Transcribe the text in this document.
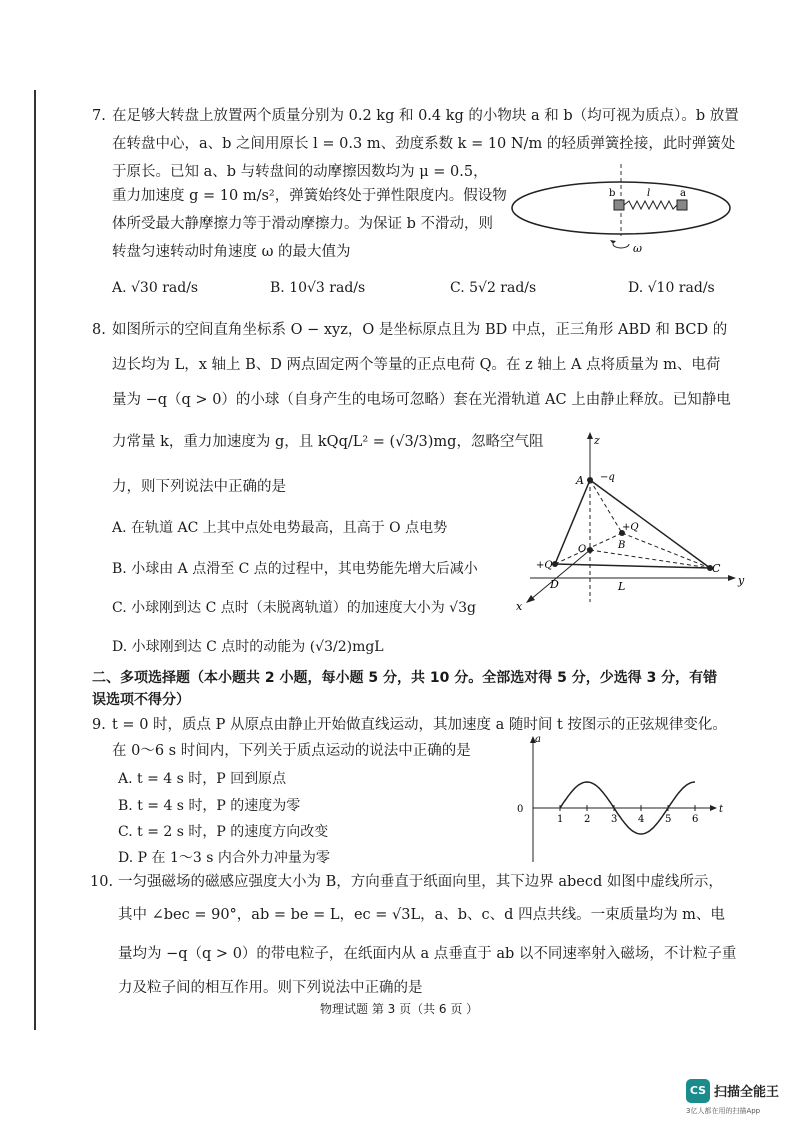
7. 在足够大转盘上放置两个质量分别为 0.2 kg 和 0.4 kg 的小物块 a 和 b（均可视为质点）。b 放置
在转盘中心，a、b 之间用原长 l = 0.3 m、劲度系数 k = 10 N/m 的轻质弹簧拴接，此时弹簧处
于原长。已知 a、b 与转盘间的动摩擦因数均为 μ = 0.5，
重力加速度 g = 10 m/s²，弹簧始终处于弹性限度内。假设物
体所受最大静摩擦力等于滑动摩擦力。为保证 b 不滑动，则
转盘匀速转动时角速度 ω 的最大值为
b	l	a
ω
A. √30 rad/s	B. 10√3 rad/s	C. 5√2 rad/s	D. √10 rad/s
8. 如图所示的空间直角坐标系 O − xyz，O 是坐标原点且为 BD 中点，正三角形 ABD 和 BCD 的
边长均为 L，x 轴上 B、D 两点固定两个等量的正点电荷 Q。在 z 轴上 A 点将质量为 m、电荷
量为 −q（q > 0）的小球（自身产生的电场可忽略）套在光滑轨道 AC 上由静止释放。已知静电
力常量 k，重力加速度为 g，且 kQq/L² = (√3/3)mg，忽略空气阻
力，则下列说法中正确的是
z
A −q
+Q
B
O
+Q
D	L
C
y
x
A. 在轨道 AC 上其中点处电势最高，且高于 O 点电势
B. 小球由 A 点滑至 C 点的过程中，其电势能先增大后减小
C. 小球刚到达 C 点时（未脱离轨道）的加速度大小为 √3g
D. 小球刚到达 C 点时的动能为 (√3/2)mgL
二、多项选择题（本小题共 2 小题，每小题 5 分，共 10 分。全部选对得 5 分，少选得 3 分，有错
误选项不得分）
9. t = 0 时，质点 P 从原点由静止开始做直线运动，其加速度 a 随时间 t 按图示的正弦规律变化。
在 0～6 s 时间内，下列关于质点运动的说法中正确的是
A. t = 4 s 时，P 回到原点
B. t = 4 s 时，P 的速度为零
C. t = 2 s 时，P 的速度方向改变
D. P 在 1～3 s 内合外力冲量为零
1 2 3 4 5 6
0
a
t
10. 一匀强磁场的磁感应强度大小为 B，方向垂直于纸面向里，其下边界 abecd 如图中虚线所示，
其中 ∠bec = 90°，ab = be = L，ec = √3L，a、b、c、d 四点共线。一束质量均为 m、电
量均为 −q（q > 0）的带电粒子，在纸面内从 a 点垂直于 ab 以不同速率射入磁场，不计粒子重
力及粒子间的相互作用。则下列说法中正确的是
物理试题 第 3 页（共 6 页 ）
CS 扫描全能王
3亿人都在用的扫描App
